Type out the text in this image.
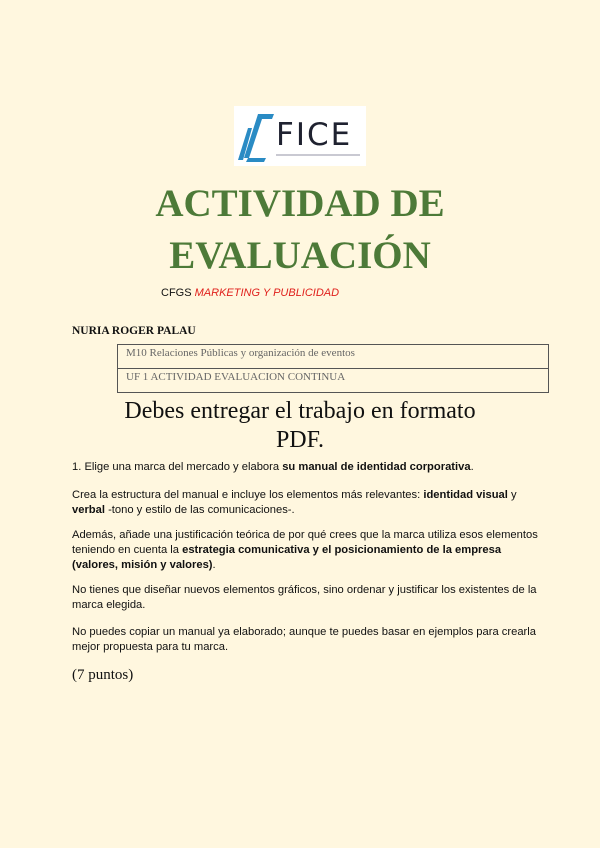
FICE
ACTIVIDAD DE
EVALUACIÓN
CFGS MARKETING Y PUBLICIDAD
NURIA ROGER PALAU
M10 Relaciones Públicas y organización de eventos
UF 1 ACTIVIDAD EVALUACION CONTINUA
Debes entregar el trabajo en formato
PDF.

1. Elige una marca del mercado y elabora su manual de identidad corporativa.

Crea la estructura del manual e incluye los elementos más relevantes: identidad visual y verbal -tono y estilo de las comunicaciones-.

Además, añade una justificación teórica de por qué crees que la marca utiliza esos elementos teniendo en cuenta la estrategia comunicativa y el posicionamiento de la empresa (valores, misión y valores).

No tienes que diseñar nuevos elementos gráficos, sino ordenar y justificar los existentes de la marca elegida.

No puedes copiar un manual ya elaborado; aunque te puedes basar en ejemplos para crearla mejor propuesta para tu marca.

(7 puntos)
